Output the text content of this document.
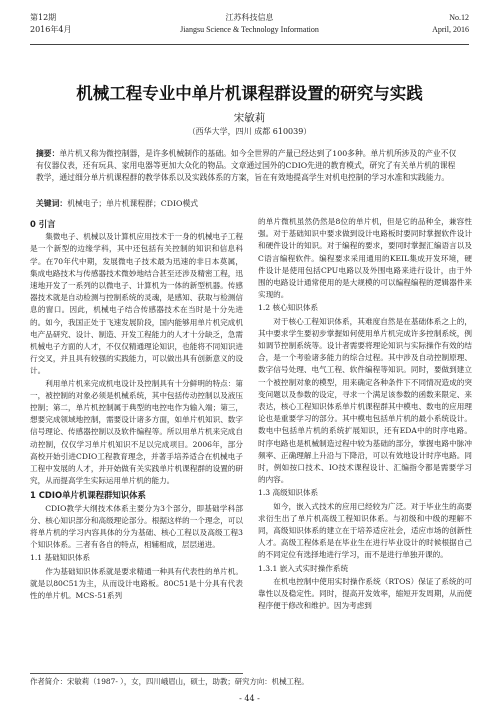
第12期
2016年4月
江苏科技信息
Jiangsu Science & Technology Information
No.12
April, 2016
机械工程专业中单片机课程群设置的研究与实践
宋敏莉
（西华大学，四川 成都 610039）
摘要：单片机又称为微控制器，是许多机械制作的基础。如今全世界的产量已经达到了100多种。单片机所涉及的产业不仅有仪器仪表，还有玩具、家用电器等更加大众化的物品。文章通过国外的CDIO先进的教育模式，研究了有关单片机的课程教学，通过细分单片机课程群的教学体系以及实践体系的方案，旨在有效地提高学生对机电控制的学习水准和实践能力。
关键词：机械电子；单片机课程群；CDIO模式
0 引言

集微电子、机械以及计算机应用技术于一身的机械电子工程是一个新型的边缘学科，其中还包括有关控制的知识和信息科学。在70年代中期，发展微电子技术最为迅速的非日本莫属，集成电路技术与传感器技术微妙地结合甚至还涉及精密工程，迅速地开发了一系列的以微电子、计算机为一体的新型机器。传感器技术就是自动检测与控制系统的灵魂，是感知、获取与检测信息的窗口。因此，机械电子结合传感器技术在当时是十分先进的。如今，我国正处于飞速发展阶段，国内能够用单片机完成机电产品研究、设计、制造、开发工程能力的人才十分缺乏，急需机械电子方面的人才，不仅仅精通理论知识，也能将不同知识进行交叉，并且具有较强的实践能力，可以做出具有创新意义的设计。

利用单片机来完成机电设计及控制具有十分鲜明的特点：第一，被控制的对象必须是机械系统，其中包括传动控制以及液压控制；第二，单片机控制属于典型的电控电作为输入端；第三，想要完成领域地控制，需要设计诸多方面，如单片机知识、数字信号理论、传感器控制以及软件编程等。所以用单片机来完成自动控制，仅仅学习单片机知识不足以完成项目。2006年，部分高校开始引进CDIO工程教育理念，并著手培养适合在机械电子工程中发展的人才，并开始做有关实践单片机课程群的设置的研究，从而提高学生实际运用单片机的能力。

1 CDIO单片机课程群知识体系

CDIO教学大纲技术体系主要分为3个部分，即基础学科部分、核心知识部分和高级理论部分。根据这样的一个理念，可以将单片机的学习内容具体的分为基础、核心工程以及高级工程3个知识体系。三者有各自的特点，相辅相成，层层递进。

1.1 基础知识体系

作为基础知识体系就是要求精通一种具有代表性的单片机。就是以80C51为主，从而设计电路板。80C51是十分具有代表性的单片机。MCS-51系列

的单片微机虽然仍然是8位的单片机，但是它的品种全，兼容性强。对于基础知识中要求做到设计电路板时要同时掌握软件设计和硬件设计的知识。对于编程的要求，要同时掌握汇编语言以及C语言编程软件。编程要求采用通用的KEIL集成开发环境，硬件设计是使用包括CPU电路以及外围电路来进行设计，由于外围的电路设计通常使用的是大规模的可以编程编程的逻辑器件来实现的。

1.2 核心知识体系

对于核心工程知识体系，其难度自然是在基础体系之上的，其中要求学生要初步掌握如何使用单片机完成许多控制系统，例如调节控制系统等。设计者需要将理论知识与实际操作有效的结合，是一个考验诸多能力的综合过程。其中涉及自动控制原理、数字信号处理、电气工程、软件编程等知识。同时，要做到建立一个被控制对象的模型，用来确定各种条件下不同情况造成的突变问题以及参数的设定，寻求一个满足该参数的函数来限定、来表达，核心工程知识体系单片机课程群其中模电、数电的应用理论也是重要学习的部分。其中模电包括单片机的最小系统设计。数电中包括单片机的系统扩展知识，还有EDA中的时序电路。时序电路也是机械制造过程中较为基础的部分，掌握电路中脉冲频率、正确理解上升沿与下降沿，可以有效地设计时序电路。同时，例如按口技术、IO技术课程设计、汇编指令都是需要学习的内容。

1.3 高级知识体系

如今，嵌入式技术的应用已经较为广泛。对于毕业生的高要求衍生出了单片机高级工程知识体系。与初级和中级的理解不同，高级知识体系的建立在于培养适应社会，适应市场的创新性人才。高级工程体系是在毕业生在进行毕业设计的时候根据自己的不同定位有选择地进行学习，而不是进行单独开课的。

1.3.1 嵌入式实时操作系统

在机电控制中使用实时操作系统（RTOS）保证了系统的可靠性以及稳定性。同时，提高开发效率，缩短开发周期，从而使程序便于修改和维护。因为考虑到

作者简介：宋敏莉（1987- ），女，四川峨眉山，硕士，助教；研究方向：机械工程。
- 44 -
